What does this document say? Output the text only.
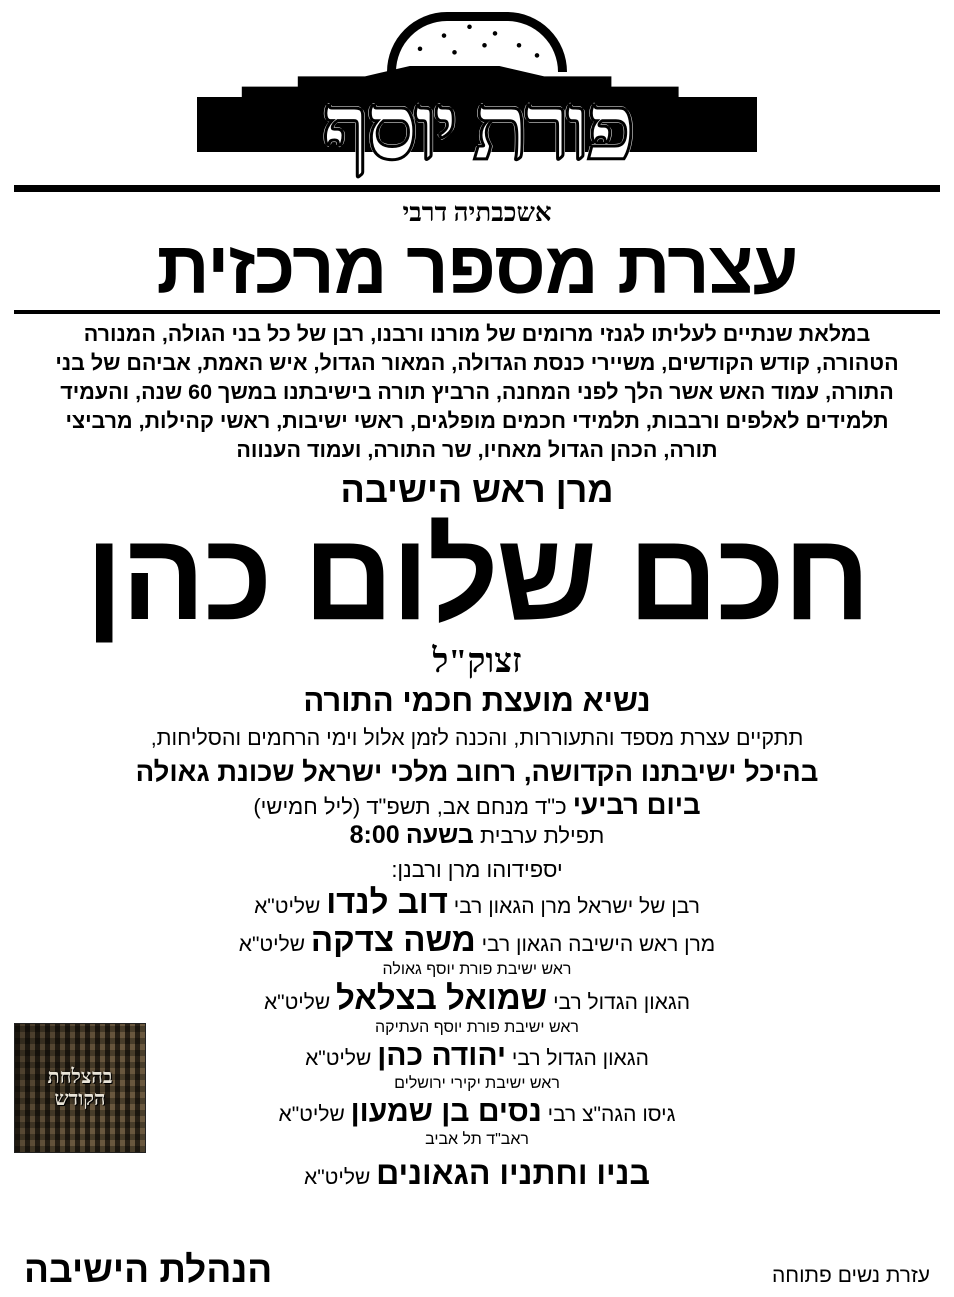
פורת יוסף
אשכבתיה דרבי
עצרת מספר מרכזית
במלאת שנתיים לעליתו לגנזי מרומים של מורנו ורבנו, רבן של כל בני הגולה, המנורה הטהורה, קודש הקודשים, משיירי כנסת הגדולה, המאור הגדול, איש האמת, אביהם של בני התורה, עמוד האש אשר הלך לפני המחנה, הרביץ תורה בישיבתנו במשך 60 שנה, והעמיד תלמידים לאלפים ורבבות, תלמידי חכמים מופלגים, ראשי ישיבות, ראשי קהילות, מרביצי תורה, הכהן הגדול מאחיו, שר התורה, ועמוד הענווה
מרן ראש הישיבה
חכם שלום כהן
זצוק"ל
נשיא מועצת חכמי התורה
תתקיים עצרת מספד והתעוררות, והכנה לזמן אלול וימי הרחמים והסליחות,
בהיכל ישיבתנו הקדושה, רחוב מלכי ישראל שכונת גאולה
ביום רביעי כ"ד מנחם אב, תשפ"ד (ליל חמישי)
תפילת ערבית בשעה 8:00
יספידוהו מרן ורבנן:
רבן של ישראל מרן הגאון רבי דוב לנדו שליט"א
מרן ראש הישיבה הגאון רבי משה צדקה שליט"א
ראש ישיבת פורת יוסף גאולה
הגאון הגדול רבי שמואל בצלאל שליט"א
ראש ישיבת פורת יוסף העתיקה
הגאון הגדול רבי יהודה כהן שליט"א
ראש ישיבת יקירי ירושלים
גיסו הגה"צ רבי נסים בן שמעון שליט"א
ראב"ד תל אביב
בניו וחתניו הגאונים שליט"א
בהצלחת
הקודש
הנהלת הישיבה	עזרת נשים פתוחה
